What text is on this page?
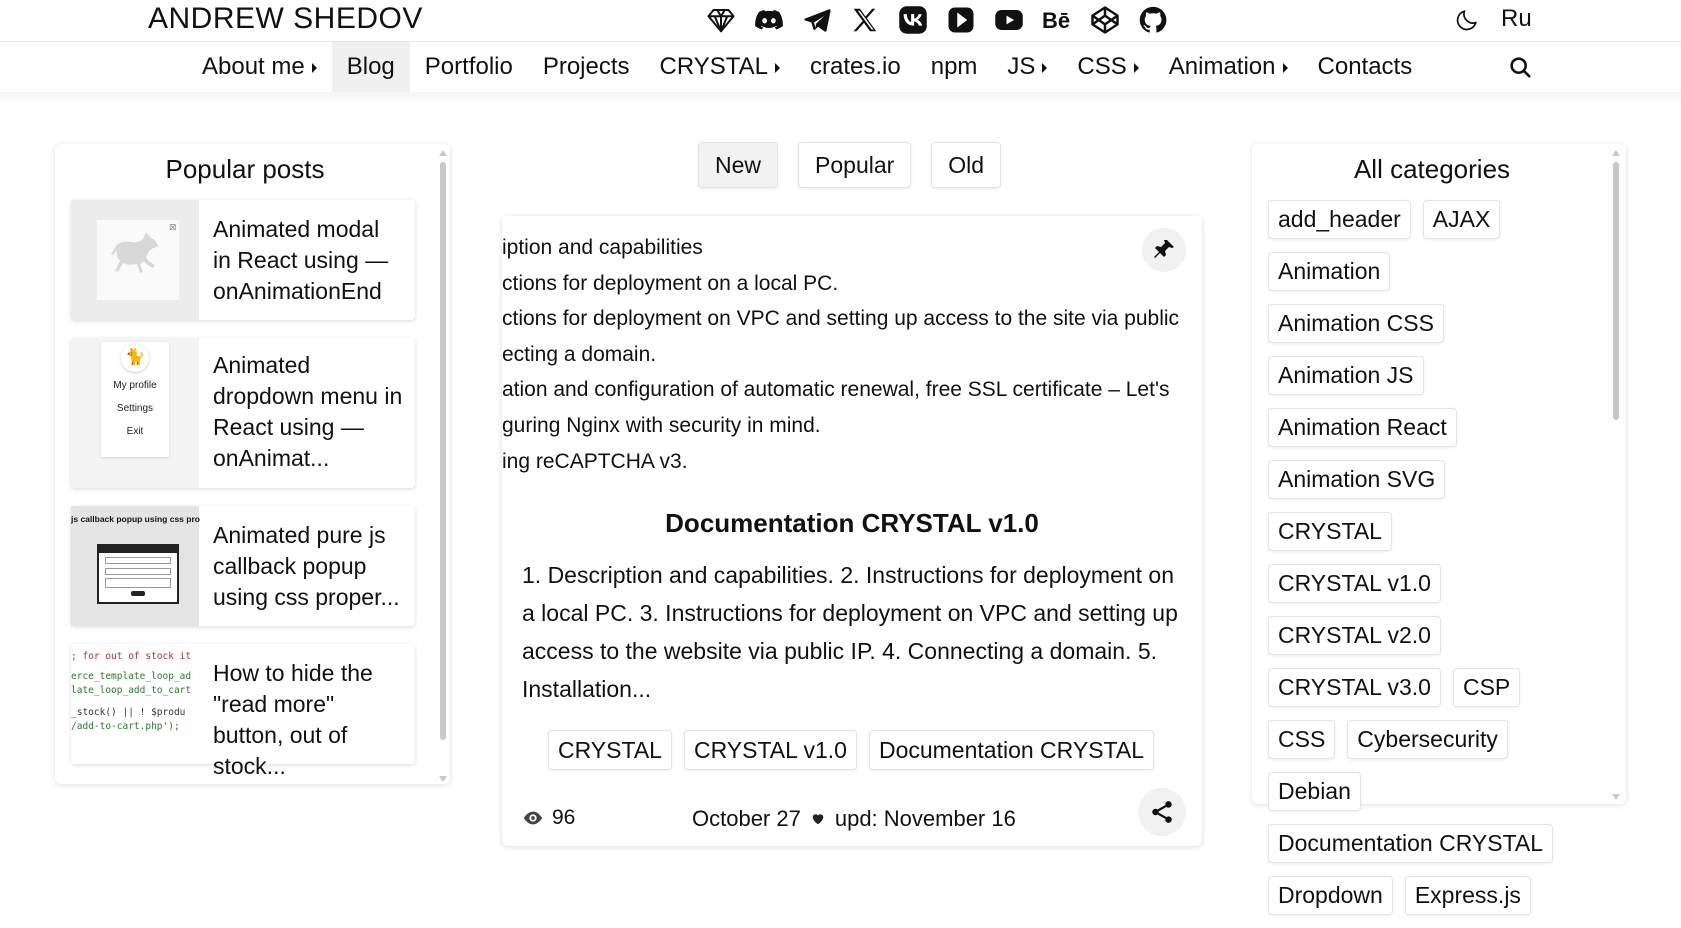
ANDREW SHEDOV	Bē	Ru
About me Blog Portfolio Projects CRYSTAL crates.io npm JS CSS Animation Contacts
Popular posts
⊠	Animated modal in React using — onAnimationEnd
🐈
My profile
Settings
Exit
Animated dropdown menu in React using — onAnimat...
js callback popup using css pro
Animated pure js callback popup using css proper...
; for out of stock it
erce_template_loop_ad
late_loop_add_to_cart
_stock() || ! $produ
/add-to-cart.php');
How to hide the "read more" button, out of stock...
New	Popular	Old
iption and capabilities
ctions for deployment on a local PC.
ctions for deployment on VPC and setting up access to the site via public
ecting a domain.
ation and configuration of automatic renewal, free SSL certificate – Let's
guring Nginx with security in mind.
ing reCAPTCHA v3.
Documentation CRYSTAL v1.0
1. Description and capabilities. 2. Instructions for deployment on a local PC. 3. Instructions for deployment on VPC and setting up access to the website via public IP. 4. Connecting a domain. 5. Installation...
CRYSTAL	CRYSTAL v1.0	Documentation CRYSTAL
96	October 27 upd: November 16
All categories
add_header	AJAX
Animation
Animation CSS
Animation JS
Animation React
Animation SVG
CRYSTAL
CRYSTAL v1.0
CRYSTAL v2.0
CRYSTAL v3.0	CSP
CSS	Cybersecurity
Debian
Documentation CRYSTAL
Dropdown	Express.js
